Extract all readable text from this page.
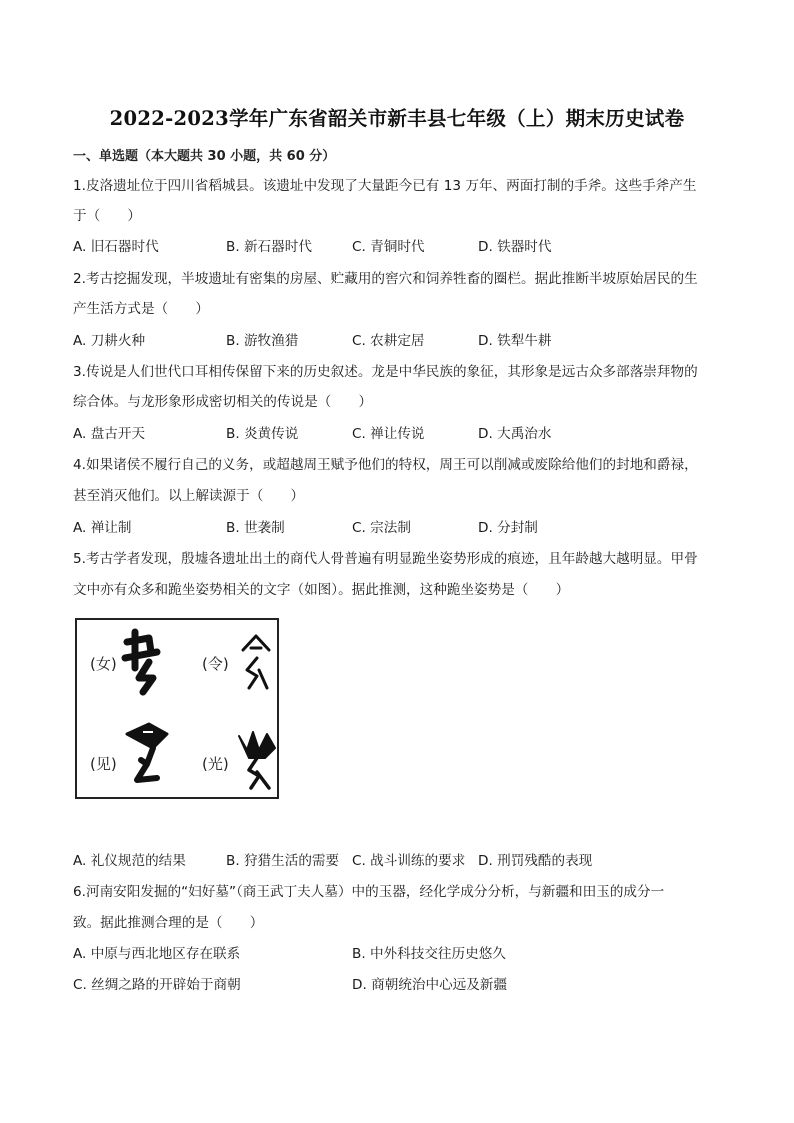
2022-2023学年广东省韶关市新丰县七年级（上）期末历史试卷
一、单选题（本大题共 30 小题，共 60 分）
1.皮洛遗址位于四川省稻城县。该遗址中发现了大量距今已有 13 万年、两面打制的手斧。这些手斧产生
于（　　）
A. 旧石器时代	B. 新石器时代	C. 青铜时代	D. 铁器时代
2.考古挖掘发现，半坡遗址有密集的房屋、贮藏用的窖穴和饲养牲畜的圈栏。据此推断半坡原始居民的生
产生活方式是（　　）
A. 刀耕火种	B. 游牧渔猎	C. 农耕定居	D. 铁犁牛耕
3.传说是人们世代口耳相传保留下来的历史叙述。龙是中华民族的象征，其形象是远古众多部落崇拜物的
综合体。与龙形象形成密切相关的传说是（　　）
A. 盘古开天	B. 炎黄传说	C. 禅让传说	D. 大禹治水
4.如果诸侯不履行自己的义务，或超越周王赋予他们的特权，周王可以削减或废除给他们的封地和爵禄，
甚至消灭他们。以上解读源于（　　）
A. 禅让制	B. 世袭制	C. 宗法制	D. 分封制
5.考古学者发现，殷墟各遗址出土的商代人骨普遍有明显跪坐姿势形成的痕迹，且年龄越大越明显。甲骨
文中亦有众多和跪坐姿势相关的文字（如图）。据此推测，这种跪坐姿势是（　　）
(女)	(令)
(见)	(光)
A. 礼仪规范的结果	B. 狩猎生活的需要 C. 战斗训练的要求 D. 刑罚残酷的表现
6.河南安阳发掘的“妇好墓”（商王武丁夫人墓）中的玉器，经化学成分分析，与新疆和田玉的成分一
致。据此推测合理的是（　　）
A. 中原与西北地区存在联系	B. 中外科技交往历史悠久
C. 丝绸之路的开辟始于商朝	D. 商朝统治中心远及新疆
